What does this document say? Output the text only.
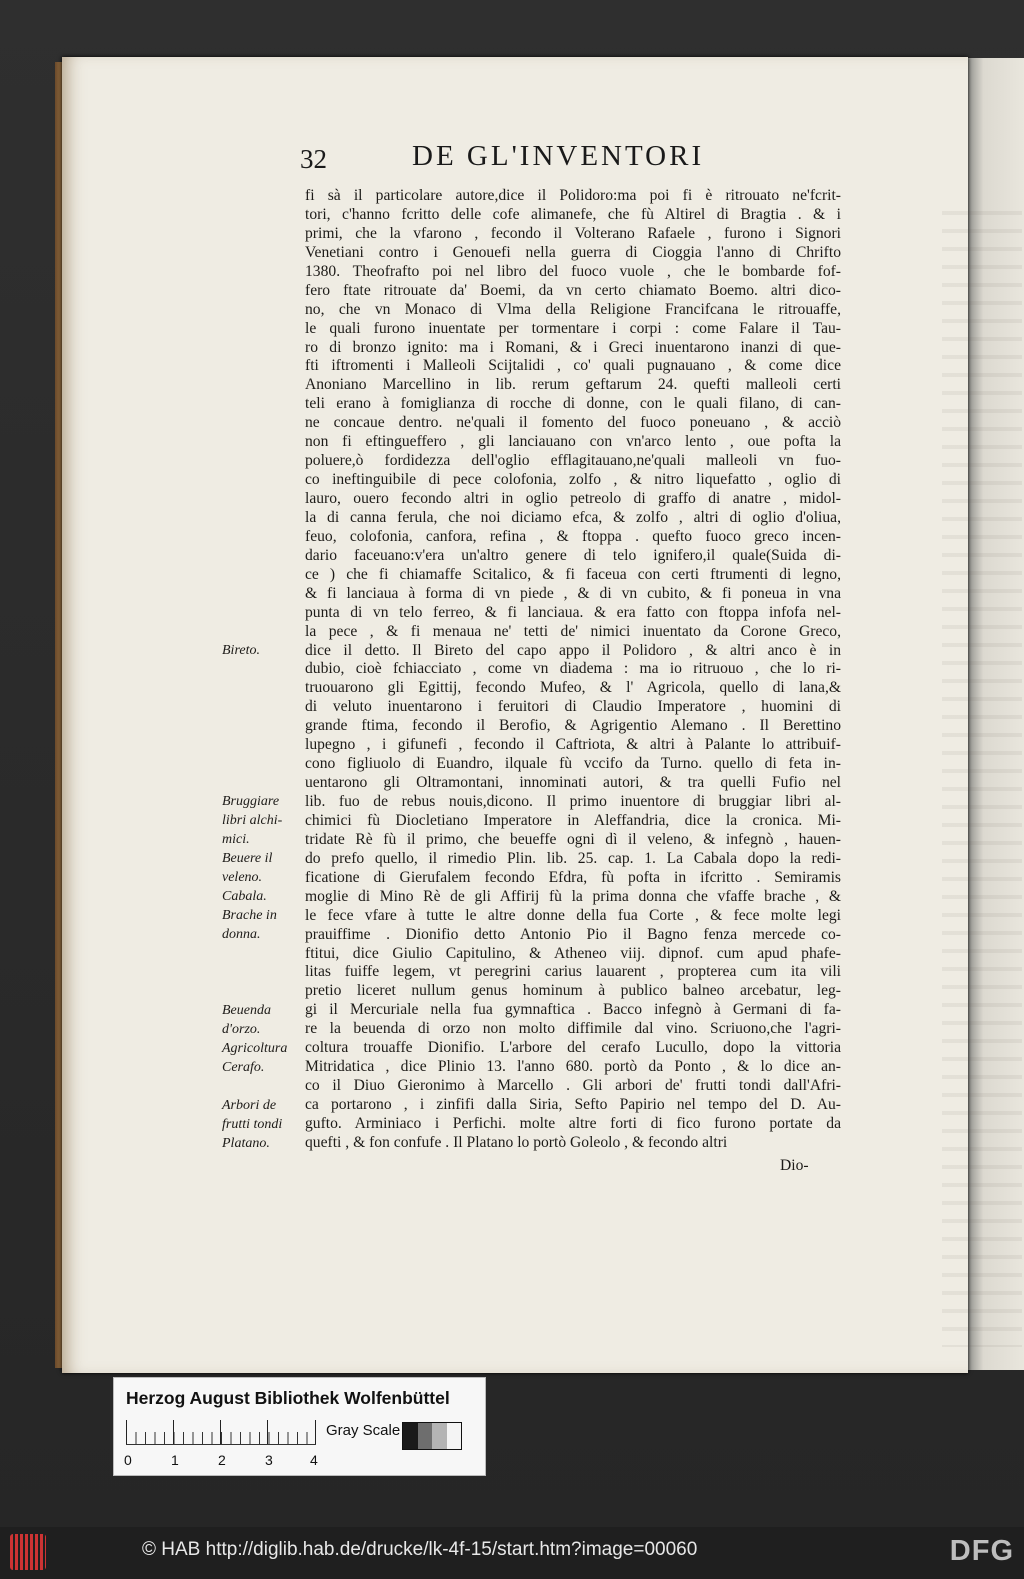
32	DE GL'INVENTORI
fi sà il particolare autore,dice il Polidoro:ma poi fi è ritrouato ne'fcrit-
tori, c'hanno fcritto delle cofe alimanefe, che fù Altirel di Bragtia . & i
primi, che la vfarono , fecondo il Volterano Rafaele , furono i Signori
Venetiani contro i Genouefi nella guerra di Cioggia l'anno di Chrifto
1380. Theofrafto poi nel libro del fuoco vuole , che le bombarde fof-
fero ftate ritrouate da' Boemi, da vn certo chiamato Boemo. altri dico-
no, che vn Monaco di Vlma della Religione Francifcana le ritrouaffe,
le quali furono inuentate per tormentare i corpi : come Falare il Tau-
ro di bronzo ignito: ma i Romani, & i Greci inuentarono inanzi di que-
fti iftromenti i Malleoli Scijtalidi , co' quali pugnauano , & come dice
Anoniano Marcellino in lib. rerum geftarum 24. quefti malleoli certi
teli erano à fomiglianza di rocche di donne, con le quali filano, di can-
ne concaue dentro. ne'quali il fomento del fuoco poneuano , & acciò
non fi eftingueffero , gli lanciauano con vn'arco lento , oue pofta la
poluere,ò fordidezza dell'oglio efflagitauano,ne'quali malleoli vn fuo-
co ineftinguibile di pece colofonia, zolfo , & nitro liquefatto , oglio di
lauro, ouero fecondo altri in oglio petreolo di graffo di anatre , midol-
la di canna ferula, che noi diciamo efca, & zolfo , altri di oglio d'oliua,
feuo, colofonia, canfora, refina , & ftoppa . quefto fuoco greco incen-
dario faceuano:v'era un'altro genere di telo ignifero,il quale(Suida di-
ce ) che fi chiamaffe Scitalico, & fi faceua con certi ftrumenti di legno,
& fi lanciaua à forma di vn piede , & di vn cubito, & fi poneua in vna
punta di vn telo ferreo, & fi lanciaua. & era fatto con ftoppa infofa nel-
la pece , & fi menaua ne' tetti de' nimici inuentato da Corone Greco,
dice il detto. Il Bireto del capo appo il Polidoro , & altri anco è in
dubio, cioè fchiacciato , come vn diadema : ma io ritruouo , che lo ri-
truouarono gli Egittij, fecondo Mufeo, & l' Agricola, quello di lana,&
di veluto inuentarono i feruitori di Claudio Imperatore , huomini di
grande ftima, fecondo il Berofio, & Agrigentio Alemano . Il Berettino
lupegno , i gifunefi , fecondo il Caftriota, & altri à Palante lo attribuif-
cono figliuolo di Euandro, ilquale fù vccifo da Turno. quello di feta in-
uentarono gli Oltramontani, innominati autori, & tra quelli Fufio nel
lib. fuo de rebus nouis,dicono. Il primo inuentore di bruggiar libri al-
chimici fù Diocletiano Imperatore in Aleffandria, dice la cronica. Mi-
tridate Rè fù il primo, che beueffe ogni dì il veleno, & infegnò , hauen-
do prefo quello, il rimedio Plin. lib. 25. cap. 1. La Cabala dopo la redi-
ficatione di Gierufalem fecondo Efdra, fù pofta in ifcritto . Semiramis
moglie di Mino Rè de gli Affirij fù la prima donna che vfaffe brache , &
le fece vfare à tutte le altre donne della fua Corte , & fece molte legi
prauiffime . Dionifio detto Antonio Pio il Bagno fenza mercede co-
ftitui, dice Giulio Capitulino, & Atheneo viij. dipnof. cum apud phafe-
litas fuiffe legem, vt peregrini carius lauarent , propterea cum ita vili
pretio liceret nullum genus hominum à publico balneo arcebatur, leg-
gi il Mercuriale nella fua gymnaftica . Bacco infegnò à Germani di fa-
re la beuenda di orzo non molto diffimile dal vino. Scriuono,che l'agri-
coltura trouaffe Dionifio. L'arbore del cerafo Lucullo, dopo la vittoria
Mitridatica , dice Plinio 13. l'anno 680. portò da Ponto , & lo dice an-
co il Diuo Gieronimo à Marcello . Gli arbori de' frutti tondi dall'Afri-
ca portarono , i zinfifi dalla Siria, Sefto Papirio nel tempo del D. Au-
gufto. Arminiaco i Perfichi. molte altre forti di fico furono portate da
quefti , & fon confufe . Il Platano lo portò Goleolo , & fecondo altri
Bireto.
Bruggiare
libri alchi-
mici.
Beuere il
veleno.
Cabala.
Brache in
donna.
Beuenda
d'orzo.
Agricoltura
Cerafo.
Arbori de
frutti tondi
Platano.
Dio-
Herzog August Bibliothek Wolfenbüttel
0	1	2	3	4
Gray Scale
© HAB http://diglib.hab.de/drucke/lk-4f-15/start.htm?image=00060	DFG
